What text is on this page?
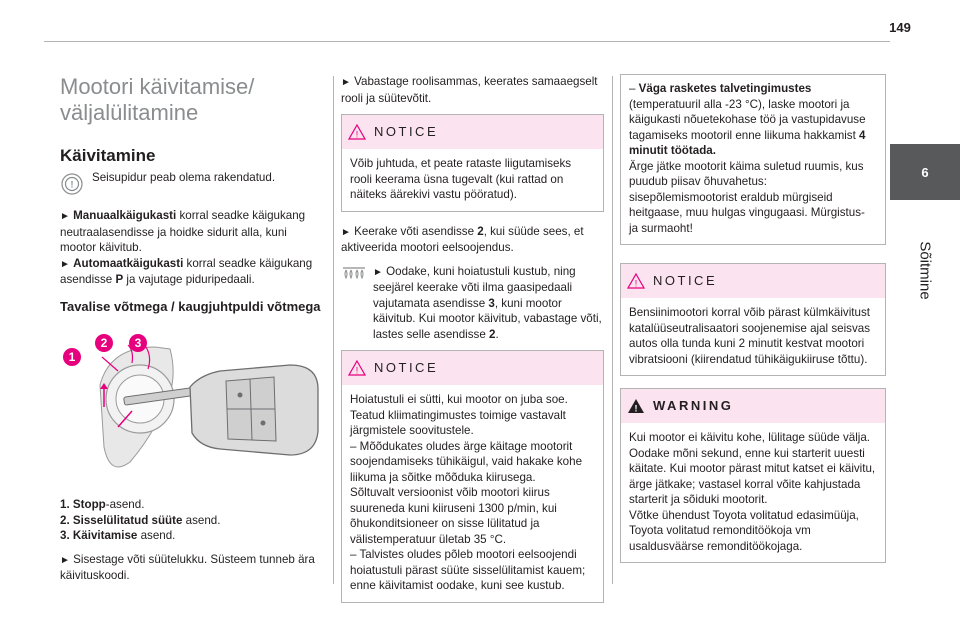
149
6
Sõitmine
Mootori käivitamise/ väljalülitamine
Käivitamine
!
Seisupidur peab olema rakendatud.

► Manuaalkäigukasti korral seadke käigukang neutraalasendisse ja hoidke sidurit alla, kuni mootor käivitub.
► Automaatkäigukasti korral seadke käigukang asendisse P ja vajutage piduripedaali.

Tavalise võtmega / kaugjuhtpuldi võtmega
1
2 3
1. Stopp-asend.
2. Sisselülitatud süüte asend.
3. Käivitamise asend.

► Sisestage võti süütelukku. Süsteem tunneb ära käivituskoodi.

► Vabastage roolisammas, keerates samaaegselt rooli ja süütevõtit.

! NOTICE

Võib juhtuda, et peate rataste liigutamiseks rooli keerama üsna tugevalt (kui rattad on näiteks äärekivi vastu pööratud).

► Keerake võti asendisse 2, kui süüde sees, et aktiveerida mootori eelsoojendus.

► Oodake, kuni hoiatustuli kustub, ning seejärel keerake võti ilma gaasipedaali vajutamata asendisse 3, kuni mootor käivitub. Kui mootor käivitub, vabastage võti, lastes selle asendisse 2.
! NOTICE

Hoiatustuli ei sütti, kui mootor on juba soe.

Teatud kliimatingimustes toimige vastavalt järgmistele soovitustele.

– Mõõdukates oludes ärge käitage mootorit soojendamiseks tühikäigul, vaid hakake kohe liikuma ja sõitke mõõduka kiirusega.

Sõltuvalt versioonist võib mootori kiirus suureneda kuni kiiruseni 1300 p/min, kui õhukonditsioneer on sisse lülitatud ja välistemperatuur ületab 35 °C.

– Talvistes oludes põleb mootori eelsoojendi hoiatustuli pärast süüte sisselülitamist kauem; enne käivitamist oodake, kuni see kustub.

– Väga rasketes talvetingimustes (temperatuuril alla -23 °C), laske mootori ja käigukasti nõuetekohase töö ja vastupidavuse tagamiseks mootoril enne liikuma hakkamist 4 minutit töötada.
Ärge jätke mootorit käima suletud ruumis, kus puudub piisav õhuvahetus: sisepõlemismootorist eraldub mürgiseid heitgaase, muu hulgas vingugaasi. Mürgistus- ja surmaoht!
! NOTICE

Bensiinimootori korral võib pärast külmkäivitust katalüüseutralisaatori soojenemise ajal seisvas autos olla tunda kuni 2 minutit kestvat mootori vibratsiooni (kiirendatud tühikäigukiiruse tõttu).

! WARNING

Kui mootor ei käivitu kohe, lülitage süüde välja.

Oodake mõni sekund, enne kui starterit uuesti käitate. Kui mootor pärast mitut katset ei käivitu, ärge jätkake; vastasel korral võite kahjustada starterit ja sõiduki mootorit.

Võtke ühendust Toyota volitatud edasimüüja, Toyota volitatud remonditöökoja vm usaldusväärse remonditöökojaga.
